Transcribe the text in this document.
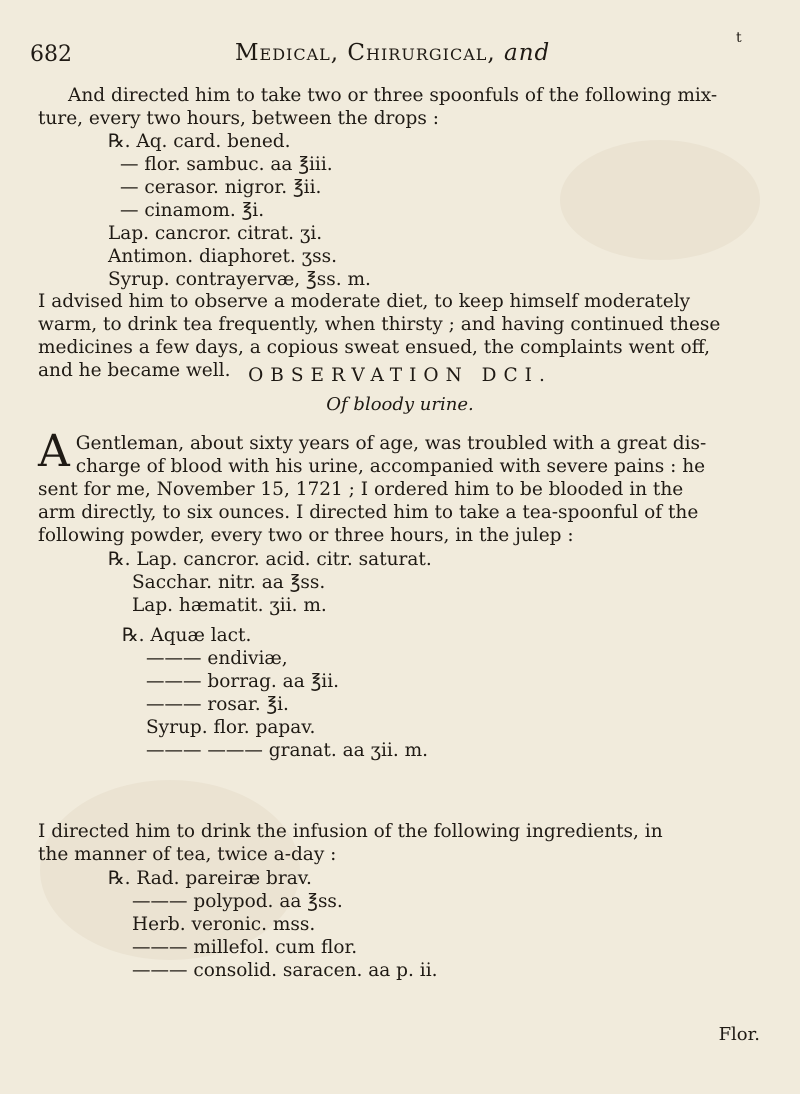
682	Medical, Chirurgical, and
t
And directed him to take two or three spoonfuls of the following mix-
ture, every two hours, between the drops :
℞. Aq. card. bened.
— flor. sambuc. aa ℥iii.
— cerasor. nigror. ℥ii.
— cinamom. ℥i.
Lap. cancror. citrat. ʒi.
Antimon. diaphoret. ʒss.
Syrup. contrayervæ, ℥ss. m.
I advised him to observe a moderate diet, to keep himself moderately
warm, to drink tea frequently, when thirsty ; and having continued these
medicines a few days, a copious sweat ensued, the complaints went off,
and he became well. OBSERVATION DCI.
Of bloody urine.
A Gentleman, about sixty years of age, was troubled with a great dis-
charge of blood with his urine, accompanied with severe pains : he
sent for me, November 15, 1721 ; I ordered him to be blooded in the
arm directly, to six ounces. I directed him to take a tea-spoonful of the
following powder, every two or three hours, in the julep :
℞. Lap. cancror. acid. citr. saturat.
Sacchar. nitr. aa ℥ss.
Lap. hæmatit. ʒii. m.
℞. Aquæ lact.
——— endiviæ,
——— borrag. aa ℥ii.
——— rosar. ℥i.
Syrup. flor. papav.
——— ——— granat. aa ʒii. m.
I directed him to drink the infusion of the following ingredients, in
the manner of tea, twice a-day :
℞. Rad. pareiræ brav.
——— polypod. aa ℥ss.
Herb. veronic. mss.
——— millefol. cum flor.
——— consolid. saracen. aa p. ii.
Flor.
